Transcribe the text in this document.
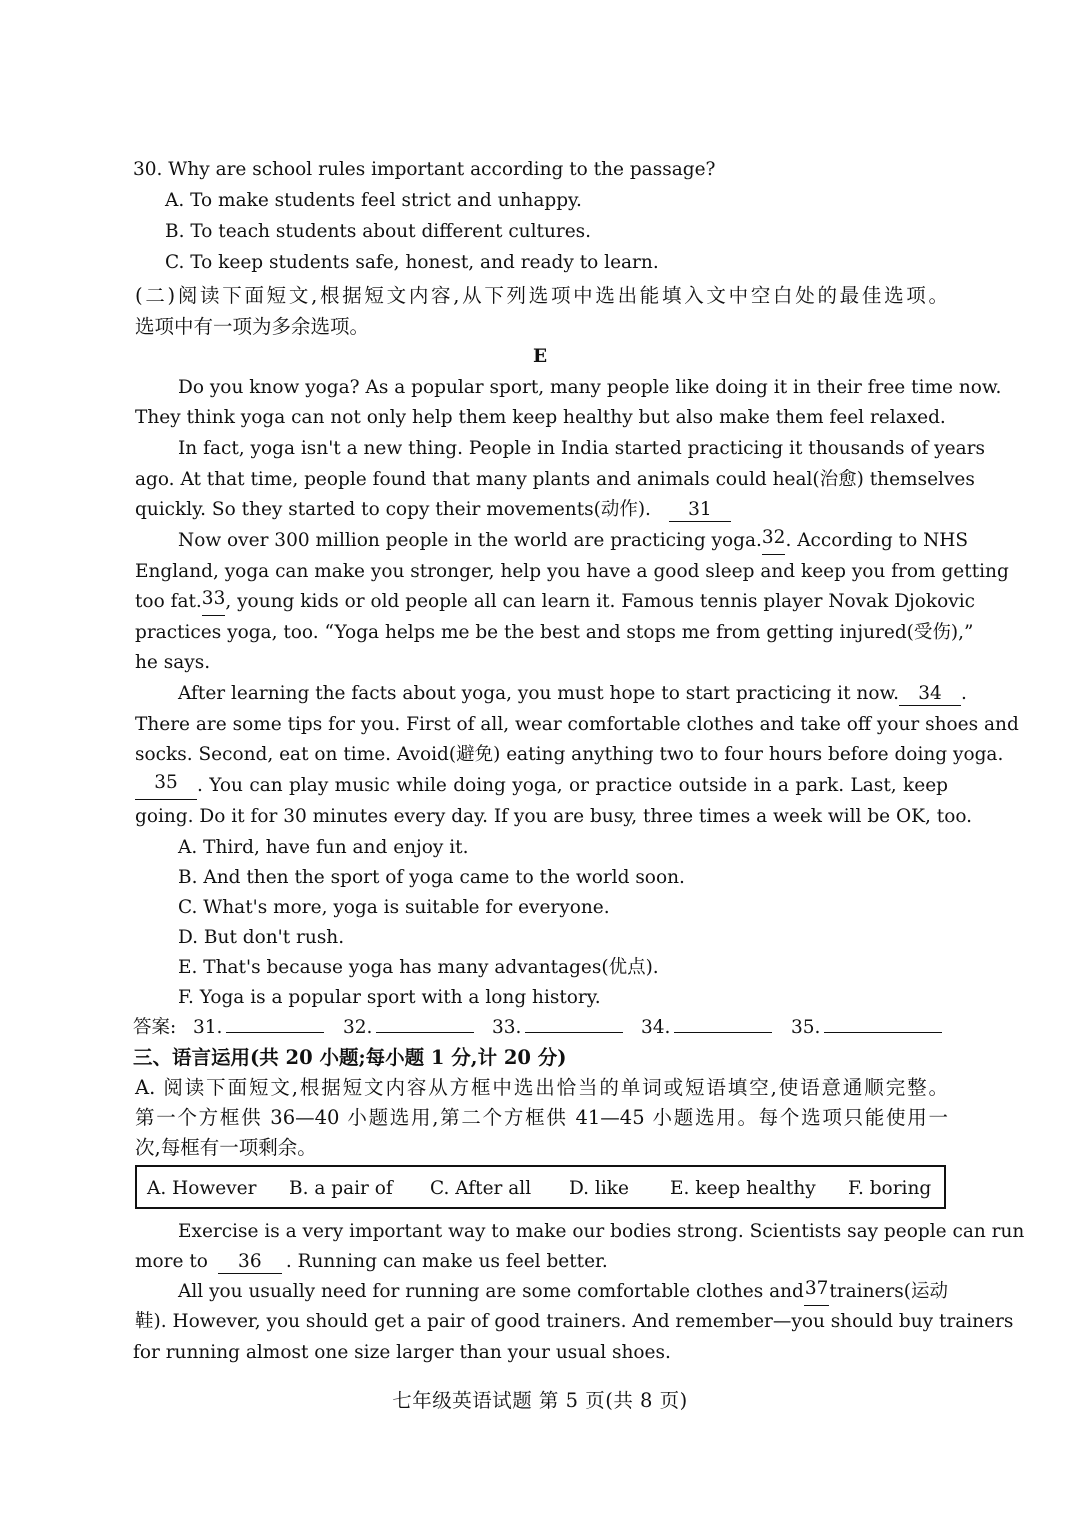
30. Why are school rules important according to the passage?
A. To make students feel strict and unhappy.
B. To teach students about different cultures.
C. To keep students safe, honest, and ready to learn.
(二)阅读下面短文,根据短文内容,从下列选项中选出能填入文中空白处的最佳选项。
选项中有一项为多余选项。
E
Do you know yoga? As a popular sport, many people like doing it in their free time now.
They think yoga can not only help them keep healthy but also make them feel relaxed.
In fact, yoga isn't a new thing. People in India started practicing it thousands of years
ago. At that time, people found that many plants and animals could heal(治愈) themselves
quickly. So they started to copy their movements(动作). 31
Now over 300 million people in the world are practicing yoga. 32 . According to NHS
England, yoga can make you stronger, help you have a good sleep and keep you from getting
too fat. 33 , young kids or old people all can learn it. Famous tennis player Novak Djokovic
practices yoga, too. “Yoga helps me be the best and stops me from getting injured(受伤),”
he says.
After learning the facts about yoga, you must hope to start practicing it now.	34 .
There are some tips for you. First of all, wear comfortable clothes and take off your shoes and
socks. Second, eat on time. Avoid(避免) eating anything two to four hours before doing yoga.
35	. You can play music while doing yoga, or practice outside in a park. Last, keep
going. Do it for 30 minutes every day. If you are busy, three times a week will be OK, too.
A. Third, have fun and enjoy it.
B. And then the sport of yoga came to the world soon.
C. What's more, yoga is suitable for everyone.
D. But don't rush.
E. That's because yoga has many advantages(优点).
F. Yoga is a popular sport with a long history.
答案: 31.	32.	33.	34.	35.
三、语言运用(共 20 小题;每小题 1 分,计 20 分)
A. 阅读下面短文,根据短文内容从方框中选出恰当的单词或短语填空,使语意通顺完整。
第一个方框供 36—40 小题选用,第二个方框供 41—45 小题选用。每个选项只能使用一
次,每框有一项剩余。
A. However B. a pair of C. After all D. like E. keep healthy F. boring
Exercise is a very important way to make our bodies strong. Scientists say people can run
more to 36 . Running can make us feel better.
All you usually need for running are some comfortable clothes and 37 trainers(运动
鞋). However, you should get a pair of good trainers. And remember—you should buy trainers
for running almost one size larger than your usual shoes.
七年级英语试题 第 5 页(共 8 页)
